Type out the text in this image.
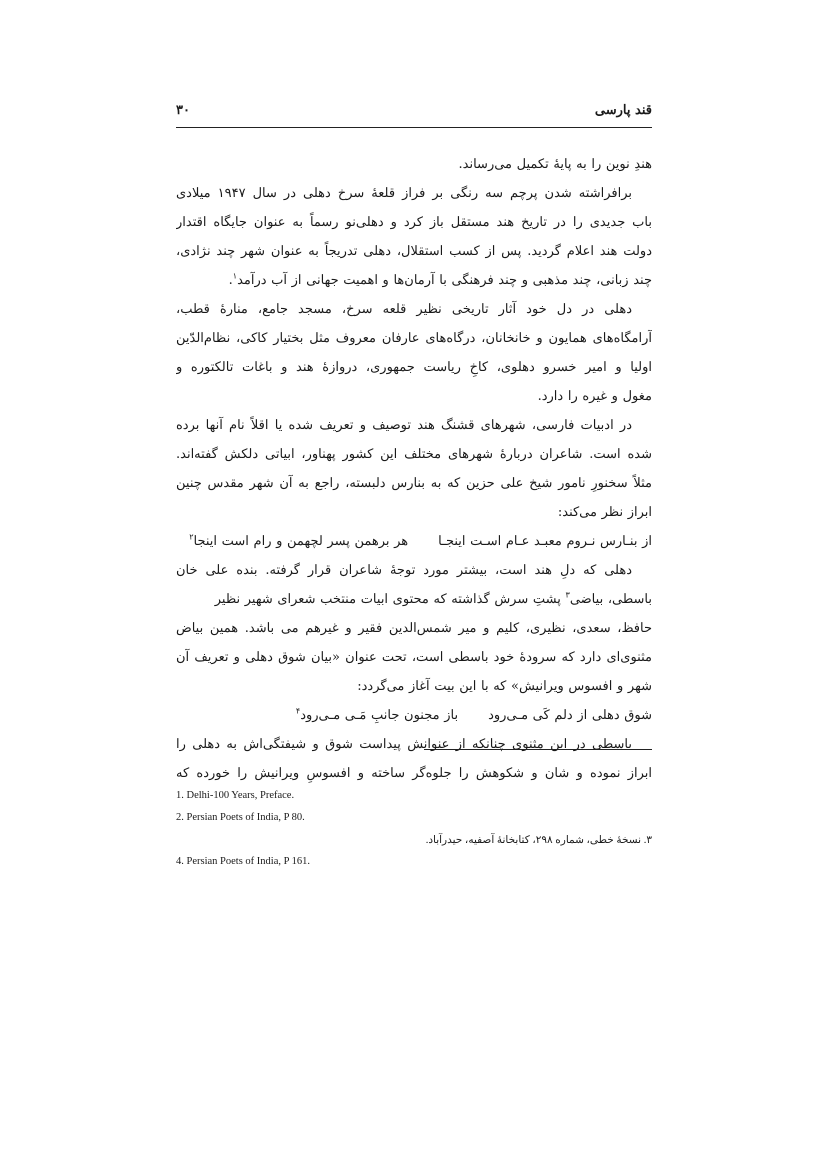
قند پارسی
۳۰
هندِ نوین را به پایهٔ تکمیل می‌رساند.
برافراشته شدن پرچم سه رنگی بر فراز قلعهٔ سرخ دهلی در سال ۱۹۴۷ میلادی
باب جدیدی را در تاریخ هند مستقل باز کرد و دهلی‌نو رسماً به عنوان جایگاه اقتدار
دولت هند اعلام گردید. پس از کسب استقلال، دهلی تدریجاً به عنوان شهر چند نژادی،
چند زبانی، چند مذهبی و چند فرهنگی با آرمان‌ها و اهمیت جهانی از آب درآمد$^۱$.
دهلی در دل خود آثار تاریخی نظیر قلعه سرخ، مسجد جامع، منارهٔ قطب،
آرامگاه‌های همایون و خانخانان، درگاه‌های عارفان معروف مثل بختیار کاکی، نظام‌الدّین
اولیا و امیر خسرو دهلوی، کاخِ ریاست جمهوری، دروازهٔ هند و باغات تالکتوره و
مغول و غیره را دارد.
در ادبیات فارسی، شهرهای قشنگ هند توصیف و تعریف شده یا اقلاً نام آنها برده
شده است. شاعران دربارهٔ شهرهای مختلف این کشور پهناور، ابیاتی دلکش گفته‌اند.
مثلاً سخنورِ نامور شیخ علی حزین که به بنارس دلبسته، راجع به آن شهر مقدس چنین
ابراز نظر می‌کند:
از بنـارس نـروم معبـد عـام اسـت اینجـاهر برهمن پسر لچهمن و رام است اینجا$^۲$
دهلی که دلِ هند است، بیشتر مورد توجهٔ شاعران قرار گرفته. بنده علی خان
باسطی، بیاضی$^۳$ پشتِ سرش گذاشته که محتوی ابیات منتخب شعرای شهیر نظیر
حافظ، سعدی، نظیری، کلیم و میر شمس‌الدین فقیر و غیرهم می باشد. همین بیاض
مثنوی‌ای دارد که سرودهٔ خود باسطی است، تحت عنوان «بیان شوق دهلی و تعریف آن
شهر و افسوس ویرانیش» که با این بیت آغاز می‌گردد:
شوق دهلی از دلم کَی مـی‌رودباز مجنون جانبِ مَـی مـی‌رود$^۴$
باسطی در این مثنوی چنانکه از عنوانش پیداست شوق و شیفتگی‌اش به دهلی را
ابراز نموده و شان و شکوهش را جلوه‌گر ساخته و افسوسِ ویرانیش را خورده که
1. Delhi-100 Years, Preface.
2. Persian Poets of India, P 80.
۳. نسخهٔ خطی، شماره ۲۹۸، کتابخانهٔ آصفیه، حیدرآباد.
4. Persian Poets of India, P 161.
